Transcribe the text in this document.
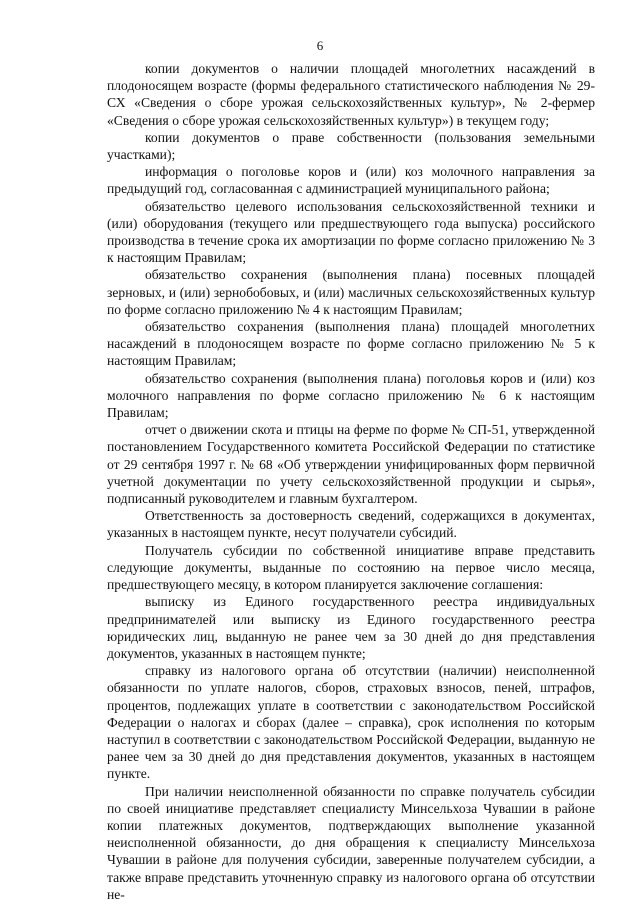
6

копии документов о наличии площадей многолетних насаждений в плодоносящем возрасте (формы федерального статистического наблюдения № 29-СХ «Сведения о сборе урожая сельскохозяйственных культур», № 2-фермер «Сведения о сборе урожая сельскохозяйственных культур») в текущем году;

копии документов о праве собственности (пользования земельными участками);

информация о поголовье коров и (или) коз молочного направления за предыдущий год, согласованная с администрацией муниципального района;

обязательство целевого использования сельскохозяйственной техники и (или) оборудования (текущего или предшествующего года выпуска) российского производства в течение срока их амортизации по форме согласно приложению № 3 к настоящим Правилам;

обязательство сохранения (выполнения плана) посевных площадей зерновых, и (или) зернобобовых, и (или) масличных сельскохозяйственных культур по форме согласно приложению № 4 к настоящим Правилам;

обязательство сохранения (выполнения плана) площадей многолетних насаждений в плодоносящем возрасте по форме согласно приложению № 5 к настоящим Правилам;

обязательство сохранения (выполнения плана) поголовья коров и (или) коз молочного направления по форме согласно приложению № 6 к настоящим Правилам;

отчет о движении скота и птицы на ферме по форме № СП-51, утвержденной постановлением Государственного комитета Российской Федерации по статистике от 29 сентября 1997 г. № 68 «Об утверждении унифицированных форм первичной учетной документации по учету сельскохозяйственной продукции и сырья», подписанный руководителем и главным бухгалтером.

Ответственность за достоверность сведений, содержащихся в документах, указанных в настоящем пункте, несут получатели субсидий.

Получатель субсидии по собственной инициативе вправе представить следующие документы, выданные по состоянию на первое число месяца, предшествующего месяцу, в котором планируется заключение соглашения:

выписку из Единого государственного реестра индивидуальных предпринимателей или выписку из Единого государственного реестра юридических лиц, выданную не ранее чем за 30 дней до дня представления документов, указанных в настоящем пункте;

справку из налогового органа об отсутствии (наличии) неисполненной обязанности по уплате налогов, сборов, страховых взносов, пеней, штрафов, процентов, подлежащих уплате в соответствии с законодательством Российской Федерации о налогах и сборах (далее – справка), срок исполнения по которым наступил в соответствии с законодательством Российской Федерации, выданную не ранее чем за 30 дней до дня представления документов, указанных в настоящем пункте.

При наличии неисполненной обязанности по справке получатель субсидии по своей инициативе представляет специалисту Минсельхоза Чувашии в районе копии платежных документов, подтверждающих выполнение указанной неисполненной обязанности, до дня обращения к специалисту Минсельхоза Чувашии в районе для получения субсидии, заверенные получателем субсидии, а также вправе представить уточненную справку из налогового органа об отсутствии не-
